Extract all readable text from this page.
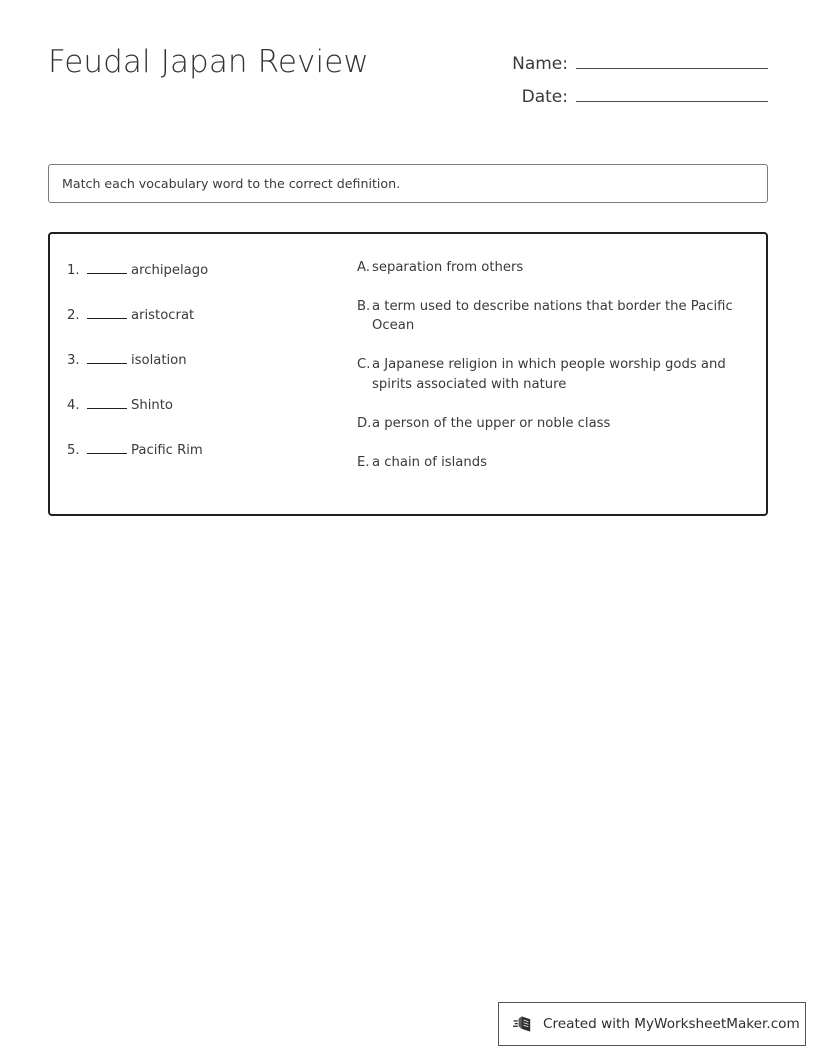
Feudal Japan Review	Name:
Date:
Match each vocabulary word to the correct definition.
1.	archipelago
2.	aristocrat
3.	isolation
4.	Shinto
5.	Pacific Rim
A. separation from others
B. a term used to describe nations that border the Pacific Ocean
C. a Japanese religion in which people worship gods and spirits associated with nature
D. a person of the upper or noble class
E. a chain of islands
Created with MyWorksheetMaker.com
